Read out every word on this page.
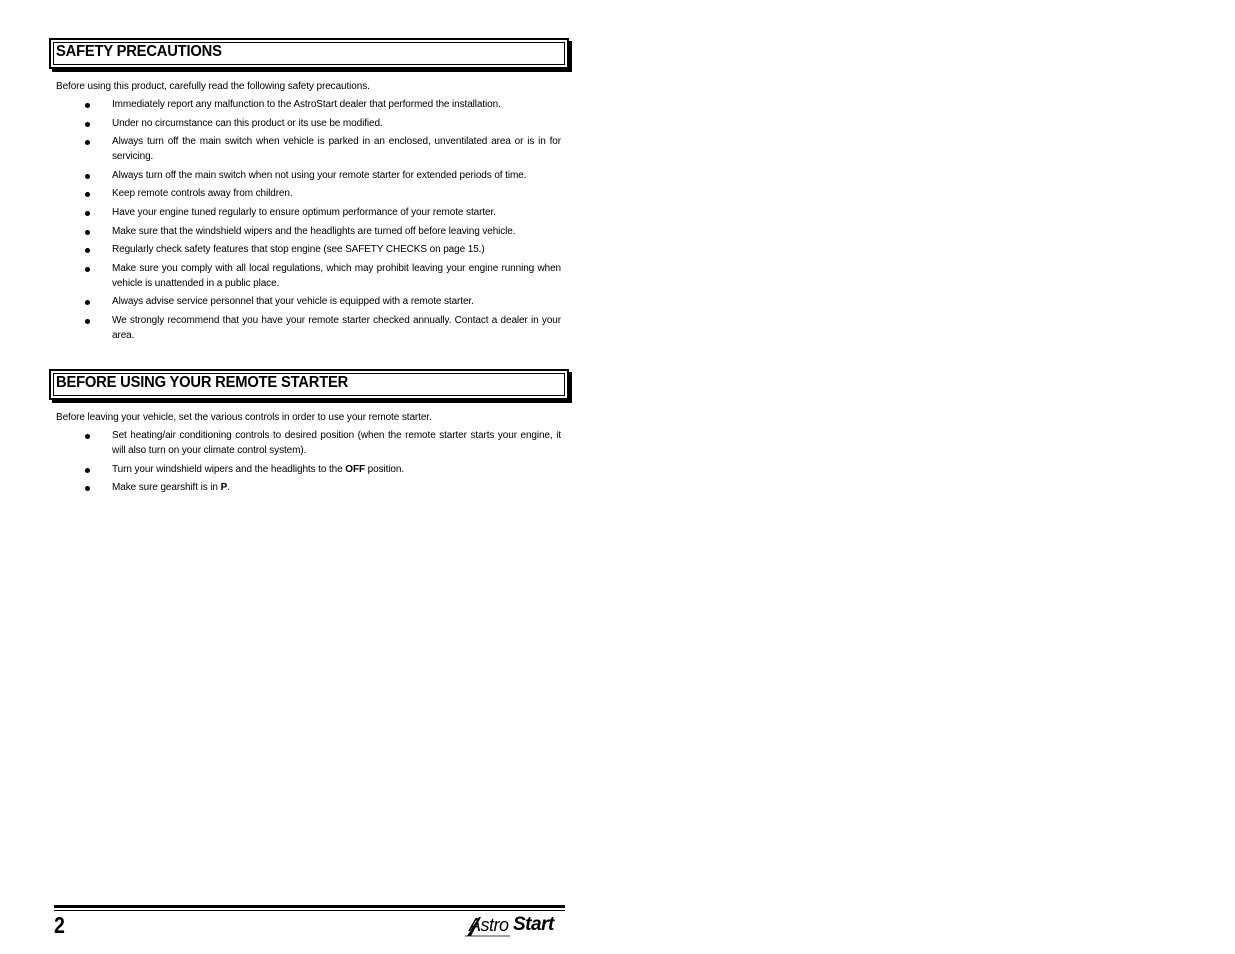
SAFETY PRECAUTIONS
Before using this product, carefully read the following safety precautions.
Immediately report any malfunction to the AstroStart dealer that performed the installation.
Under no circumstance can this product or its use be modified.
Always turn off the main switch when vehicle is parked in an enclosed, unventilated area or is in for servicing.
Always turn off the main switch when not using your remote starter for extended periods of time.
Keep remote controls away from children.
Have your engine tuned regularly to ensure optimum performance of your remote starter.
Make sure that the windshield wipers and the headlights are turned off before leaving vehicle.
Regularly check safety features that stop engine (see SAFETY CHECKS on page 15.)
Make sure you comply with all local regulations, which may prohibit leaving your engine running when vehicle is unattended in a public place.
Always advise service personnel that your vehicle is equipped with a remote starter.
We strongly recommend that you have your remote starter checked annually. Contact a dealer in your area.
BEFORE USING YOUR REMOTE STARTER
Before leaving your vehicle, set the various controls in order to use your remote starter.
Set heating/air conditioning controls to desired position (when the remote starter starts your engine, it will also turn on your climate control system).
Turn your windshield wipers and the headlights to the OFF position.
Make sure gearshift is in P.
2	Astro Start
